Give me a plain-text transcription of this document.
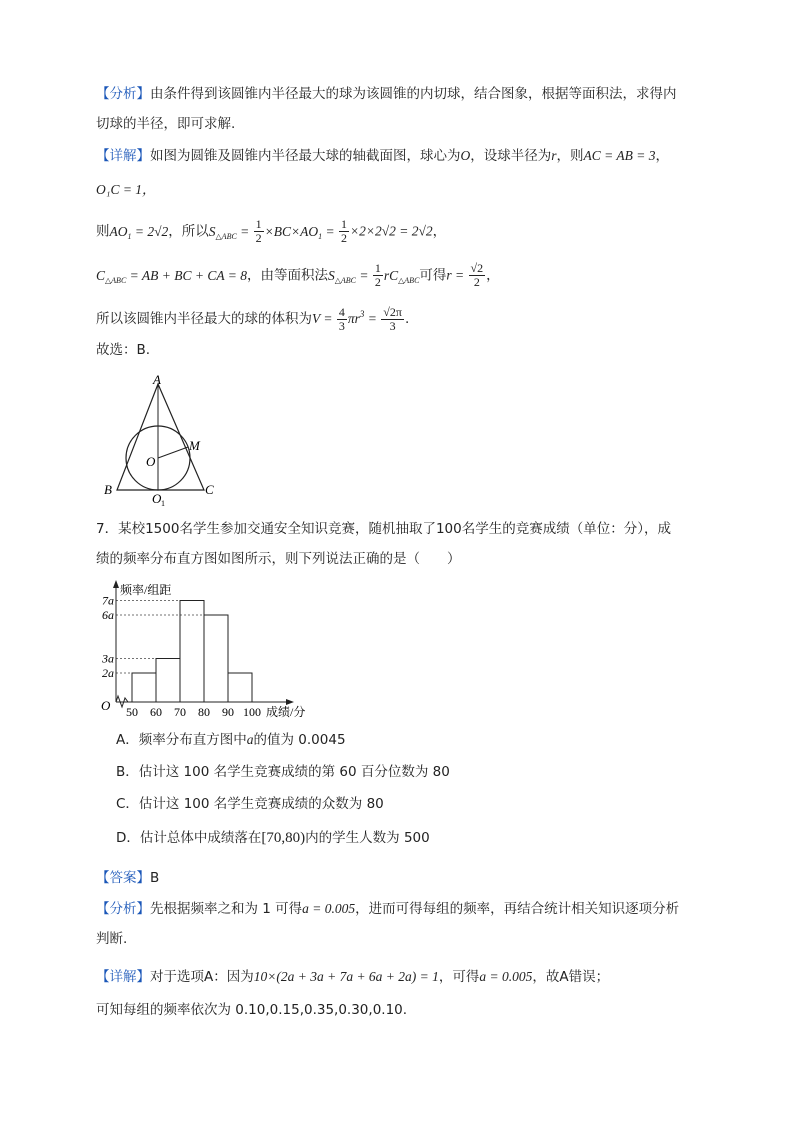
【分析】由条件得到该圆锥内半径最大的球为该圆锥的内切球，结合图象，根据等面积法，求得内
切球的半径，即可求解.
【详解】如图为圆锥及圆锥内半径最大球的轴截面图，球心为O，设球半径为r，则AC = AB = 3，
O₁C = 1，
则$AO_1 = 2√2$，所以$S_{\triangle ABC} = \frac{1}{2} \times BC\times AO_1 = \frac{1}{2} \times 2\times 2√2 = 2√2$，
$C_{\triangle ABC}$ = AB + BC + CA = 8，由等面积法$S_{\triangle ABC} = \frac{1}{2} rC_{\triangle ABC}$可得$r = \frac{√2}{2}$ ，
所以该圆锥内半径最大的球的体积为$V = \frac{4}{3} \pi r^3 = \frac{√2\pi}{3}$ .
故选：B.
A
M
O
B	C
O 1
7．某校1500名学生参加交通安全知识竞赛，随机抽取了100名学生的竞赛成绩（单位：分），成
绩的频率分布直方图如图所示，则下列说法正确的是（　　）
频率/组距
成绩/分
O 50 60 70 80 90 100
2a
3a
6a
7a
A．频率分布直方图中a的值为 0.0045
B．估计这 100 名学生竞赛成绩的第 60 百分位数为 80
C．估计这 100 名学生竞赛成绩的众数为 80
D．估计总体中成绩落在[70,80)内的学生人数为 500
【答案】B
【分析】先根据频率之和为 1 可得a = 0.005，进而可得每组的频率，再结合统计相关知识逐项分析
判断.
【详解】对于选项A：因为10×(2a + 3a + 7a + 6a + 2a) = 1，可得a = 0.005，故A错误；
可知每组的频率依次为 0.10,0.15,0.35,0.30,0.10.
